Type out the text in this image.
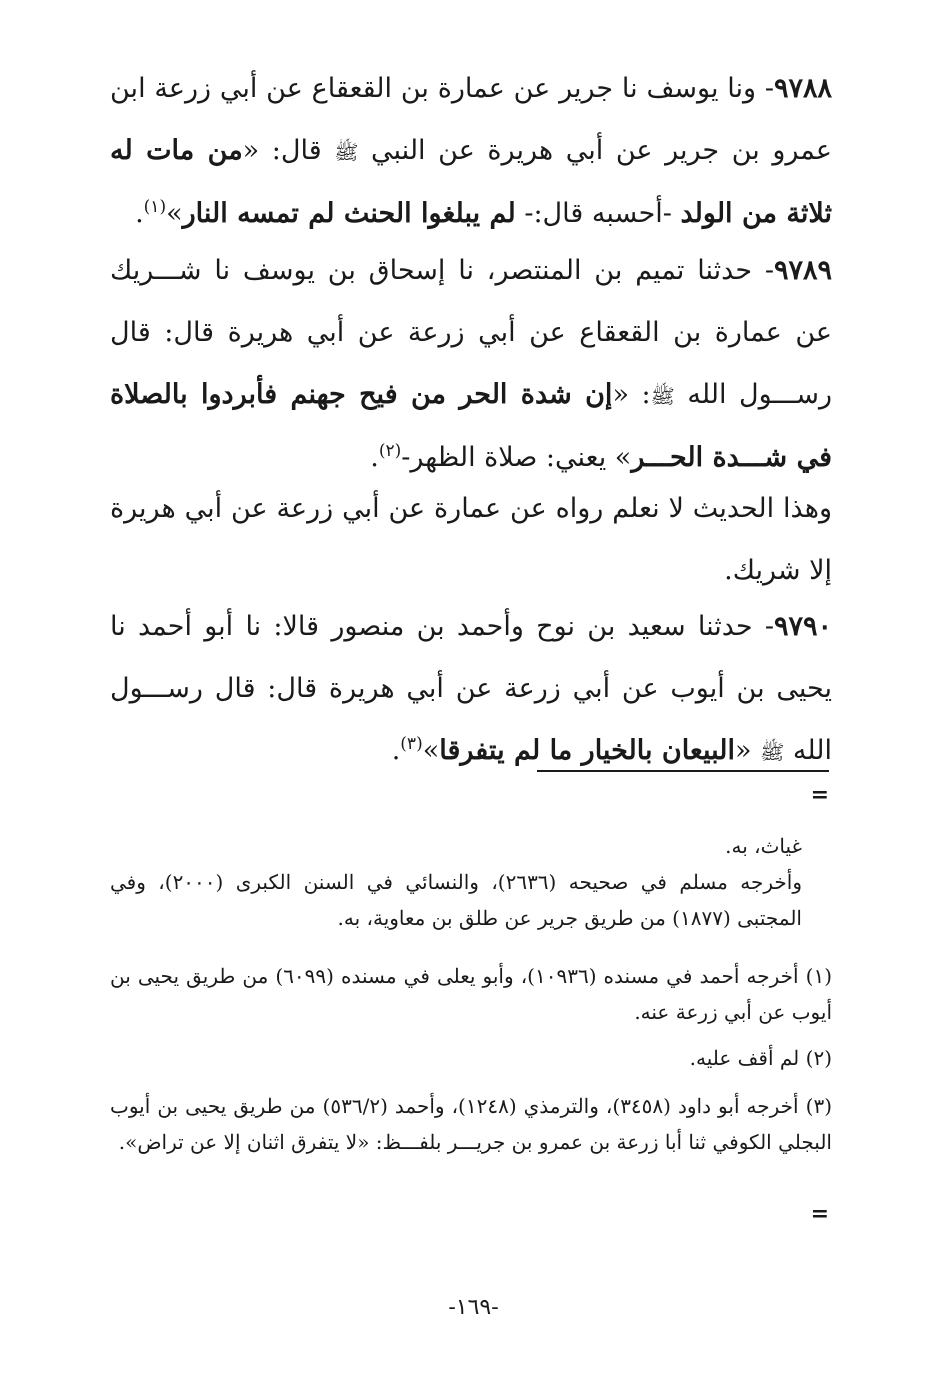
٩٧٨٨- ونا يوسف نا جرير عن عمارة بن القعقاع عن أبي زرعة ابن عمرو بن جرير عن أبي هريرة عن النبي ﷺ قال: «من مات له ثلاثة من الولد -أحسبه قال:- لم يبلغوا الحنث لم تمسه النار»$^{(١)}$.
٩٧٨٩- حدثنا تميم بن المنتصر، نا إسحاق بن يوسف نا شـــريك عن عمارة بن القعقاع عن أبي زرعة عن أبي هريرة قال: قال رســـول الله ﷺ: «إن شدة الحر من فيح جهنم فأبردوا بالصلاة في شـــدة الحـــر» يعني: صلاة الظهر-$^{(٢)}$.
وهذا الحديث لا نعلم رواه عن عمارة عن أبي زرعة عن أبي هريرة إلا شريك.
٩٧٩٠- حدثنا سعيد بن نوح وأحمد بن منصور قالا: نا أبو أحمد نا يحيى بن أيوب عن أبي زرعة عن أبي هريرة قال: قال رســـول الله ﷺ «البيعان بالخيار ما لم يتفرقا»$^{(٣)}$.
=
غياث، به.
وأخرجه مسلم في صحيحه (٢٦٣٦)، والنسائي في السنن الكبرى (٢٠٠٠)، وفي المجتبى (١٨٧٧) من طريق جرير عن طلق بن معاوية، به.
(١) أخرجه أحمد في مسنده (١٠٩٣٦)، وأبو يعلى في مسنده (٦٠٩٩) من طريق يحيى بن أيوب عن أبي زرعة عنه.
(٢) لم أقف عليه.
(٣) أخرجه أبو داود (٣٤٥٨)، والترمذي (١٢٤٨)، وأحمد (٥٣٦/٢) من طريق يحيى بن أيوب البجلي الكوفي ثنا أبا زرعة بن عمرو بن جريـــر بلفـــظ: «لا يتفرق اثنان إلا عن تراض».
=
-١٦٩-
